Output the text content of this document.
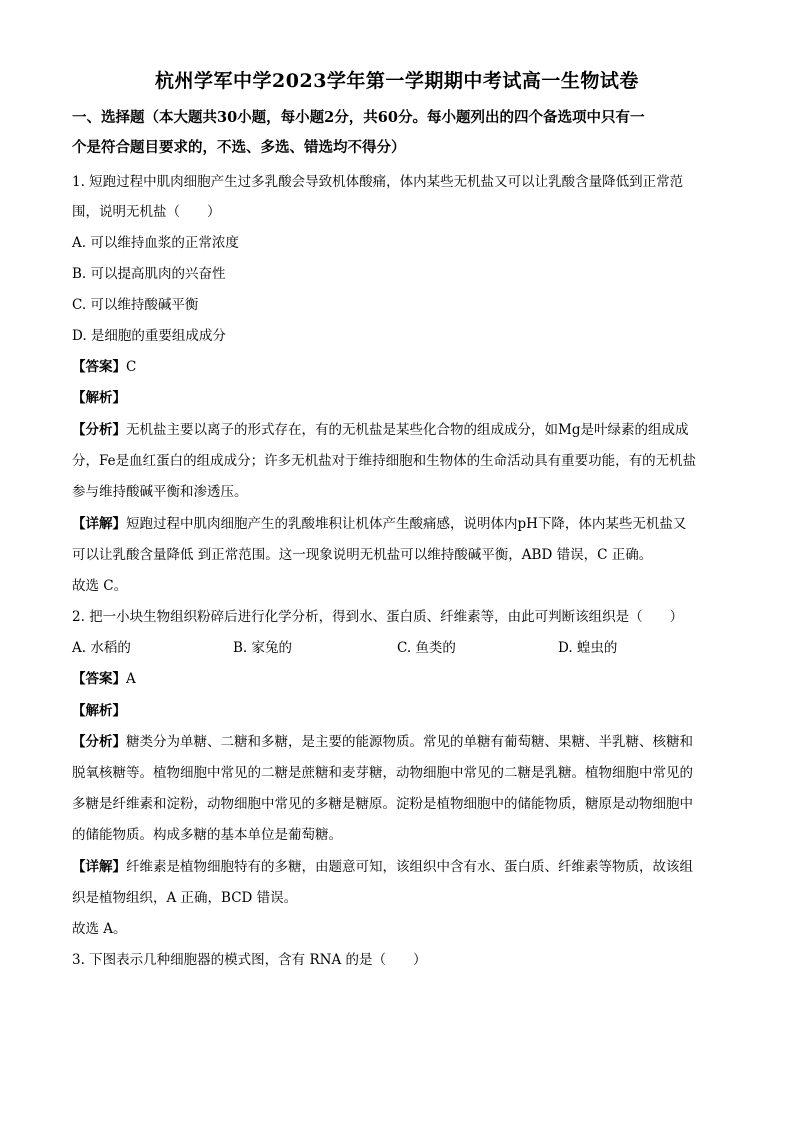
杭州学军中学2023学年第一学期期中考试高一生物试卷
一、选择题（本大题共30小题，每小题2分，共60分。每小题列出的四个备选项中只有一
个是符合题目要求的，不选、多选、错选均不得分）
1. 短跑过程中肌肉细胞产生过多乳酸会导致机体酸痛，体内某些无机盐又可以让乳酸含量降低到正常范
围，说明无机盐（　　）
A. 可以维持血浆的正常浓度
B. 可以提高肌肉的兴奋性
C. 可以维持酸碱平衡
D. 是细胞的重要组成成分
【答案】C
【解析】
【分析】无机盐主要以离子的形式存在，有的无机盐是某些化合物的组成成分，如Mg是叶绿素的组成成
分，Fe是血红蛋白的组成成分；许多无机盐对于维持细胞和生物体的生命活动具有重要功能，有的无机盐
参与维持酸碱平衡和渗透压。
【详解】短跑过程中肌肉细胞产生的乳酸堆积让机体产生酸痛感，说明体内pH下降，体内某些无机盐又
可以让乳酸含量降低 到正常范围。这一现象说明无机盐可以维持酸碱平衡，ABD 错误，C 正确。
故选 C。
2. 把一小块生物组织粉碎后进行化学分析，得到水、蛋白质、纤维素等，由此可判断该组织是（　　）
A. 水稻的	B. 家兔的	C. 鱼类的	D. 蝗虫的
【答案】A
【解析】
【分析】糖类分为单糖、二糖和多糖，是主要的能源物质。常见的单糖有葡萄糖、果糖、半乳糖、核糖和
脱氧核糖等。植物细胞中常见的二糖是蔗糖和麦芽糖，动物细胞中常见的二糖是乳糖。植物细胞中常见的
多糖是纤维素和淀粉，动物细胞中常见的多糖是糖原。淀粉是植物细胞中的储能物质，糖原是动物细胞中
的储能物质。构成多糖的基本单位是葡萄糖。
【详解】纤维素是植物细胞特有的多糖，由题意可知，该组织中含有水、蛋白质、纤维素等物质，故该组
织是植物组织，A 正确，BCD 错误。
故选 A。
3. 下图表示几种细胞器的模式图，含有 RNA 的是（　　）
